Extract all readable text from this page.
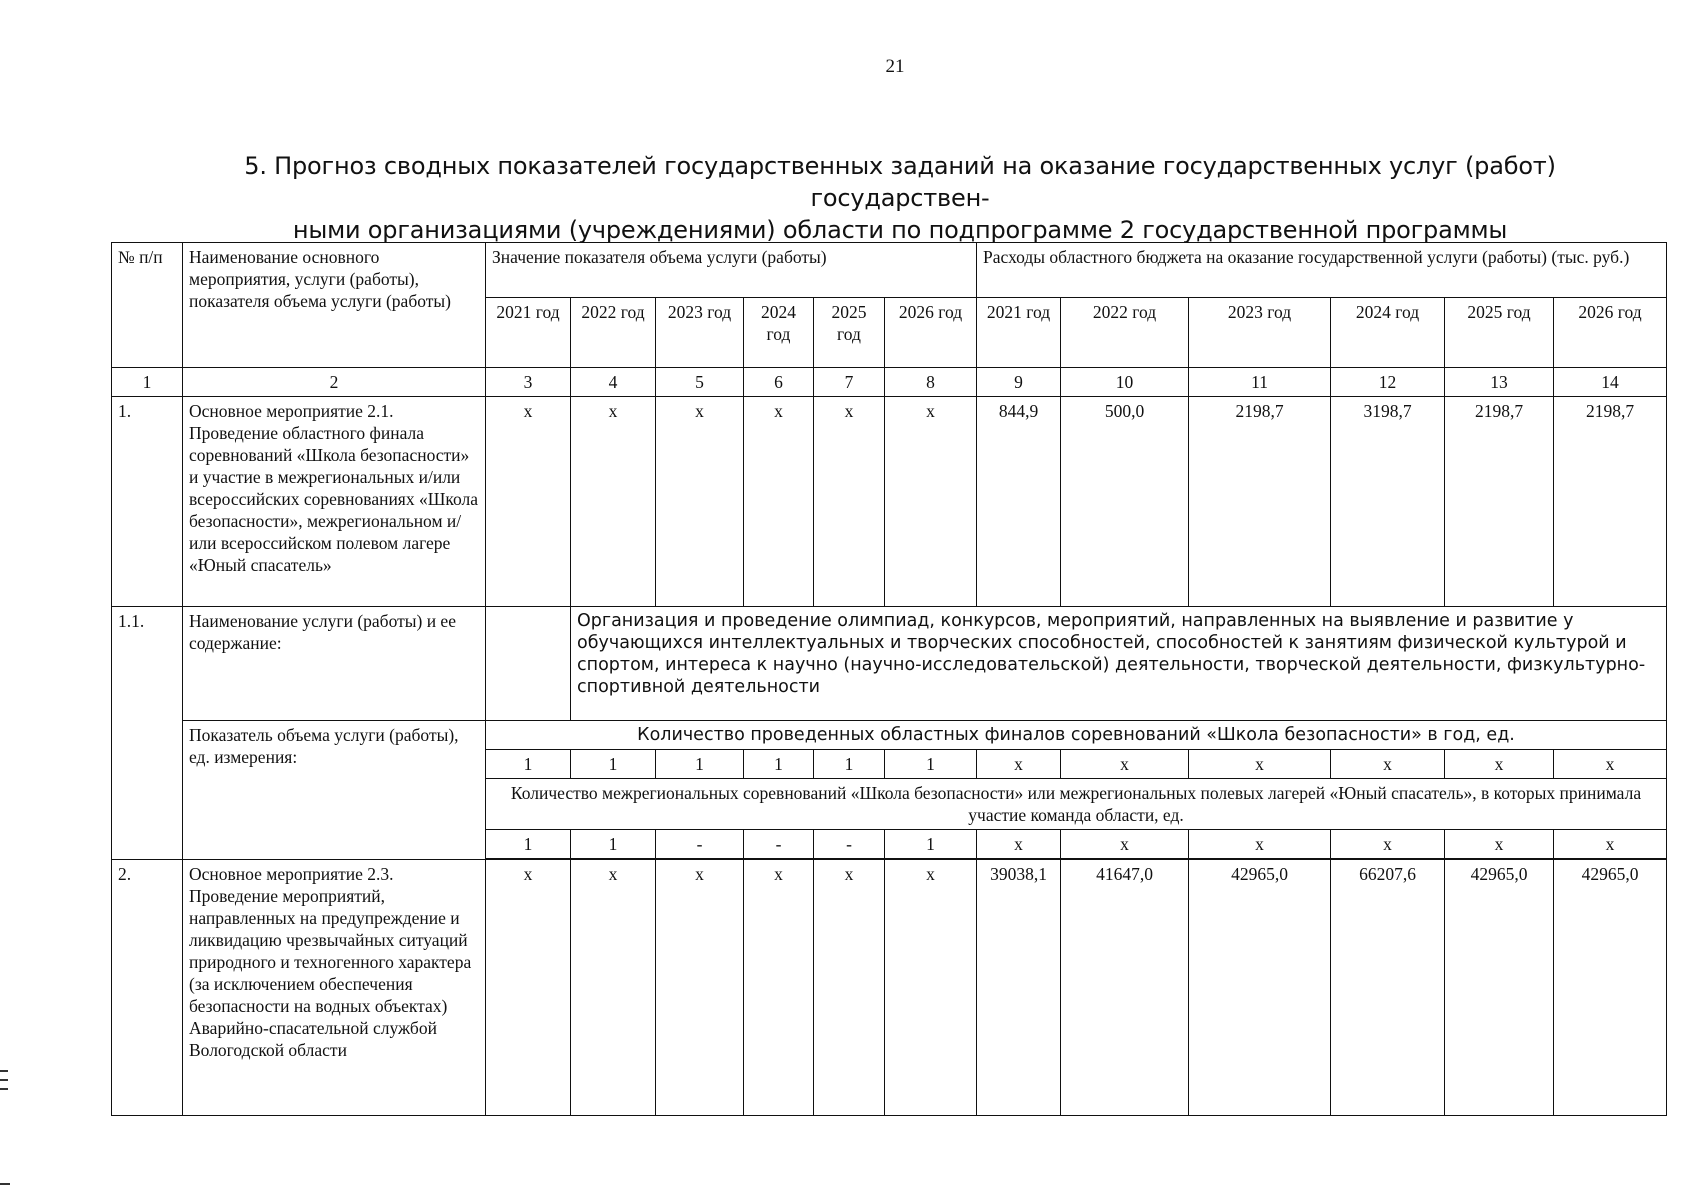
21
5. Прогноз сводных показателей государственных заданий на оказание государственных услуг (работ) государствен-
ными организациями (учреждениями) области по подпрограмме 2 государственной программы
№ п/п	Наименование основного мероприятия, услуги (работы), показателя объема услуги (работы)	Значение показателя объема услуги (работы)						Расходы областного бюджета на оказание государственной услуги (работы) (тыс. руб.)					
		2021 год	2022 год	2023 год	2024 год	2025 год	2026 год	2021 год	2022 год	2023 год	2024 год	2025 год	2026 год
1	2	3	4	5	6	7	8	9	10	11	12	13	14
1.	Основное мероприятие 2.1. Проведение областного финала соревнований «Школа безопасности» и участие в межрегиональных и/или всероссийских соревнованиях «Школа безопасности», межрегиональном и/или всероссийском полевом лагере «Юный спасатель»	х	х	х	х	х	х	844,9	500,0	2198,7	3198,7	2198,7	2198,7
1.1.	Наименование услуги (работы) и ее содержание:		Организация и проведение олимпиад, конкурсов, мероприятий, направленных на выявление и развитие у обучающихся интеллектуальных и творческих способностей, способностей к занятиям физической культурой и спортом, интереса к научно (научно-исследовательской) деятельности, творческой деятельности, физкультурно-спортивной деятельности										
	Показатель объема услуги (работы), ед. измерения:	Количество проведенных областных финалов соревнований «Школа безопасности» в год, ед.											
		1	1	1	1	1	1	х	х	х	х	х	х
		Количество межрегиональных соревнований «Школа безопасности» или межрегиональных полевых лагерей «Юный спасатель», в которых принимала участие команда области, ед.											
		1	1	-	-	-	1	х	х	х	х	х	х

2.	Основное мероприятие 2.3. Проведение мероприятий, направленных на предупреждение и ликвидацию чрезвычайных ситуаций природного и техногенного характера (за исключением обеспечения безопасности на водных объектах) Аварийно-спасательной службой Вологодской области	х	х	х	х	х	х	39038,1	41647,0	42965,0	66207,6	42965,0	42965,0
